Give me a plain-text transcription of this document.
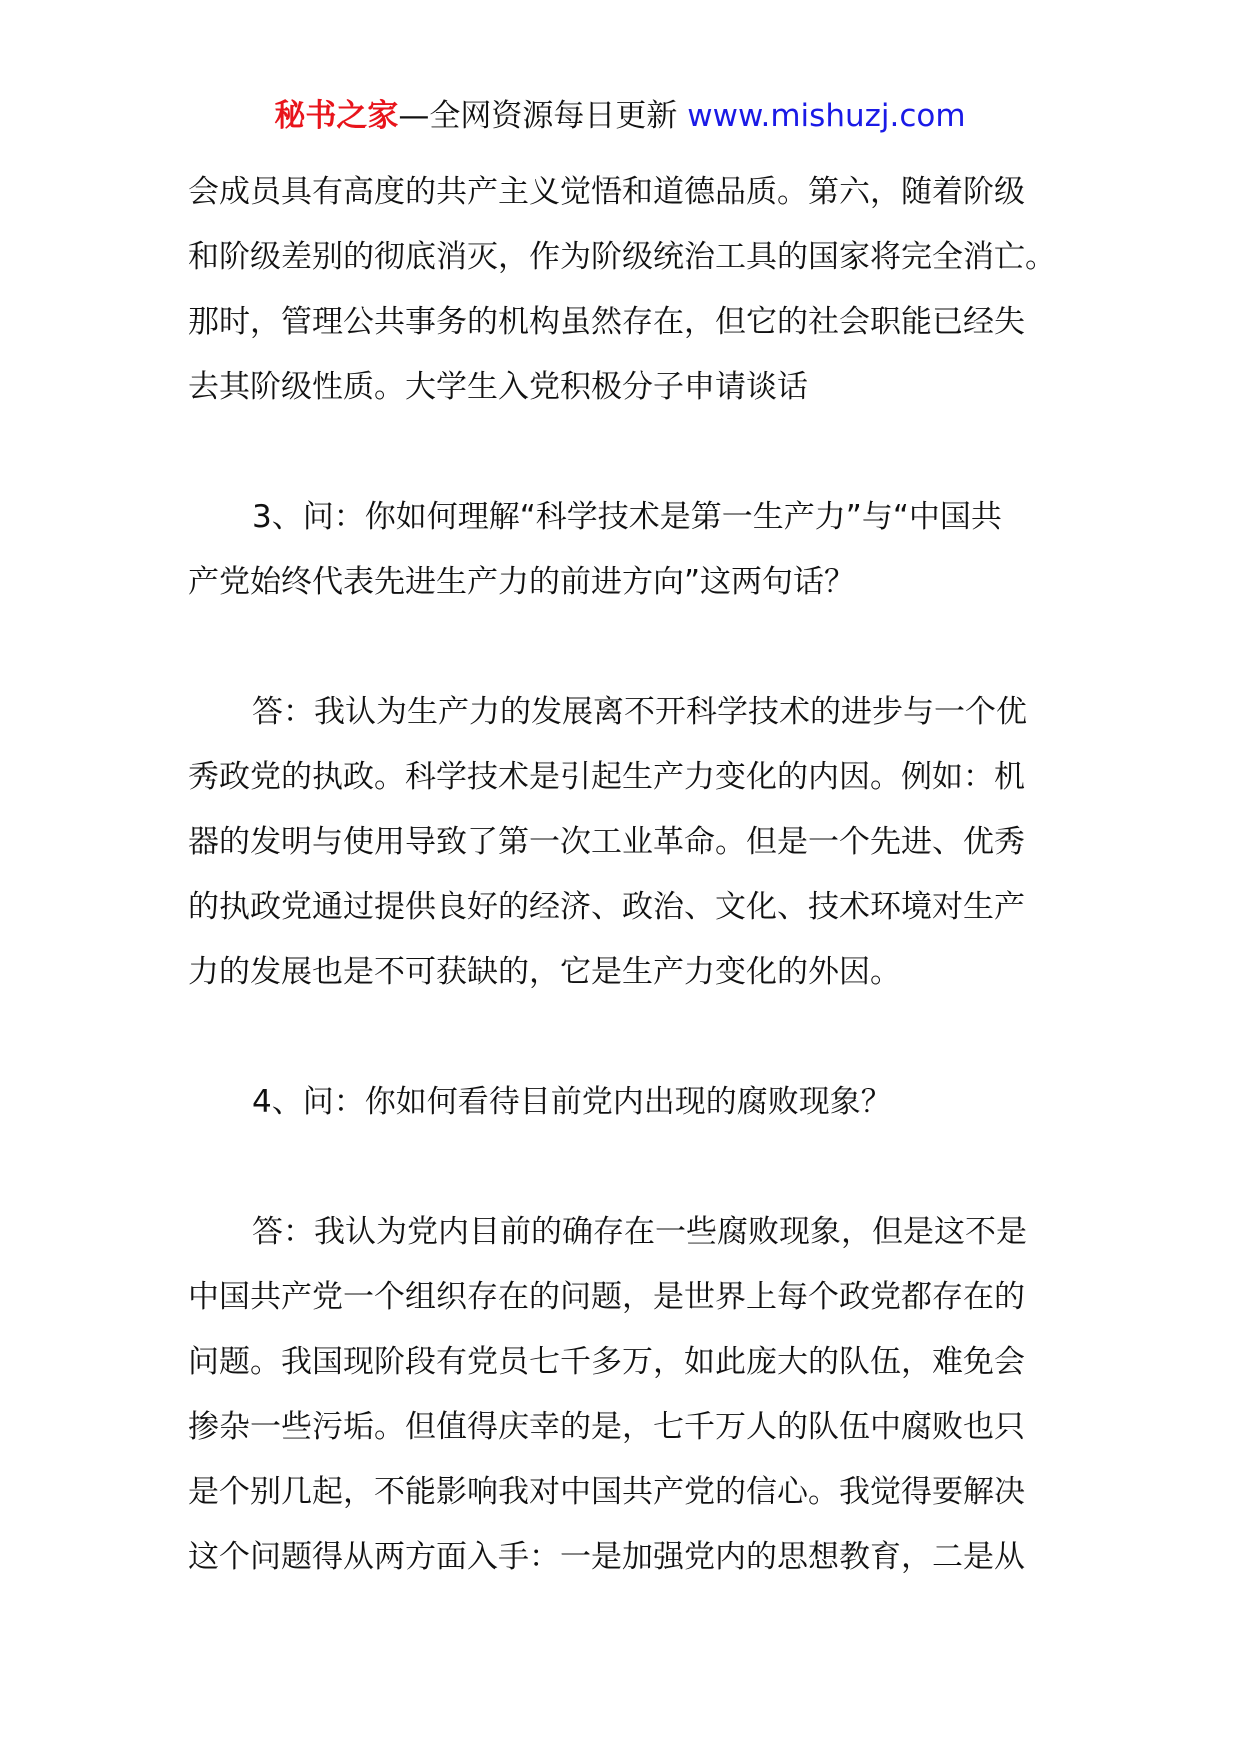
秘书之家—全网资源每日更新 www.mishuzj.com

会成员具有高度的共产主义觉悟和道德品质。第六，随着阶级
和阶级差别的彻底消灭，作为阶级统治工具的国家将完全消亡。
那时，管理公共事务的机构虽然存在，但它的社会职能已经失
去其阶级性质。大学生入党积极分子申请谈话

3、问：你如何理解“科学技术是第一生产力”与“中国共
产党始终代表先进生产力的前进方向”这两句话？

答：我认为生产力的发展离不开科学技术的进步与一个优
秀政党的执政。科学技术是引起生产力变化的内因。例如：机
器的发明与使用导致了第一次工业革命。但是一个先进、优秀
的执政党通过提供良好的经济、政治、文化、技术环境对生产
力的发展也是不可获缺的，它是生产力变化的外因。

4、问：你如何看待目前党内出现的腐败现象？

答：我认为党内目前的确存在一些腐败现象，但是这不是
中国共产党一个组织存在的问题，是世界上每个政党都存在的
问题。我国现阶段有党员七千多万，如此庞大的队伍，难免会
掺杂一些污垢。但值得庆幸的是，七千万人的队伍中腐败也只
是个别几起，不能影响我对中国共产党的信心。我觉得要解决
这个问题得从两方面入手：一是加强党内的思想教育，二是从
